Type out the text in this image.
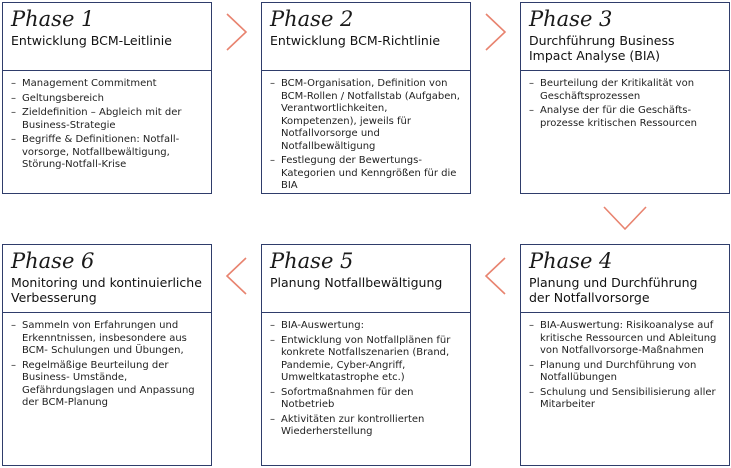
Phase 1
Entwicklung BCM-Leitlinie
– Management Commitment
– Geltungsbereich
– Zieldefinition – Abgleich mit der Business-Strategie
– Begriffe & Definitionen: Notfall-vorsorge, Notfallbewältigung, Störung-Notfall-Krise
Phase 2
Entwicklung BCM-Richtlinie
– BCM-Organisation, Definition von BCM-Rollen / Notfallstab (Aufgaben, Verantwortlichkeiten, Kompetenzen), jeweils für Notfallvorsorge und Notfallbewältigung
– Festlegung der Bewertungs-Kategorien und Kenngrößen für die BIA
Phase 3
Durchführung Business Impact Analyse (BIA)
– Beurteilung der Kritikalität von Geschäftsprozessen
– Analyse der für die Geschäfts-prozesse kritischen Ressourcen
Phase 4
Planung und Durchführung der Notfallvorsorge
– BIA-Auswertung: Risikoanalyse auf kritische Ressourcen und Ableitung von Notfallvorsorge-Maßnahmen
– Planung und Durchführung von Notfallübungen
– Schulung und Sensibilisierung aller Mitarbeiter
Phase 5
Planung Notfallbewältigung
– BIA-Auswertung:
– Entwicklung von Notfallplänen für konkrete Notfallszenarien (Brand, Pandemie, Cyber-Angriff, Umweltkatastrophe etc.)
– Sofortmaßnahmen für den Notbetrieb
– Aktivitäten zur kontrollierten Wiederherstellung
Phase 6
Monitoring und kontinuierliche Verbesserung
– Sammeln von Erfahrungen und Erkenntnissen, insbesondere aus BCM- Schulungen und Übungen,
– Regelmäßige Beurteilung der Business- Umstände, Gefährdungslagen und Anpassung der BCM-Planung
